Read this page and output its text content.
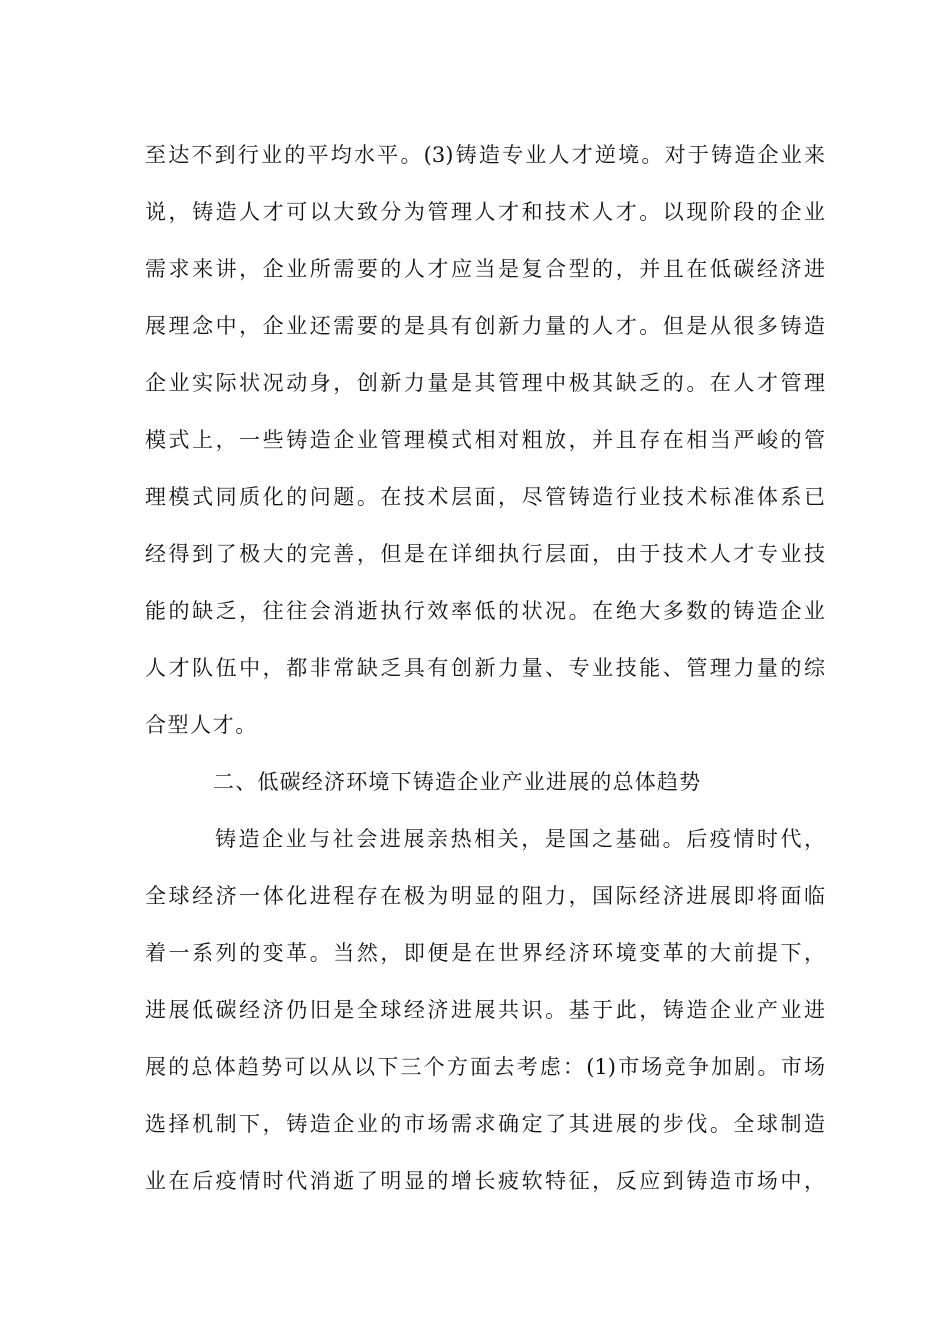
至达不到行业的平均水平。(3)铸造专业人才逆境。对于铸造企业来
说，铸造人才可以大致分为管理人才和技术人才。以现阶段的企业
需求来讲，企业所需要的人才应当是复合型的，并且在低碳经济进
展理念中，企业还需要的是具有创新力量的人才。但是从很多铸造
企业实际状况动身，创新力量是其管理中极其缺乏的。在人才管理
模式上，一些铸造企业管理模式相对粗放，并且存在相当严峻的管
理模式同质化的问题。在技术层面，尽管铸造行业技术标准体系已
经得到了极大的完善，但是在详细执行层面，由于技术人才专业技
能的缺乏，往往会消逝执行效率低的状况。在绝大多数的铸造企业
人才队伍中，都非常缺乏具有创新力量、专业技能、管理力量的综
合型人才。
二、低碳经济环境下铸造企业产业进展的总体趋势
铸造企业与社会进展亲热相关，是国之基础。后疫情时代，
全球经济一体化进程存在极为明显的阻力，国际经济进展即将面临
着一系列的变革。当然，即便是在世界经济环境变革的大前提下，
进展低碳经济仍旧是全球经济进展共识。基于此，铸造企业产业进
展的总体趋势可以从以下三个方面去考虑：(1)市场竞争加剧。市场
选择机制下，铸造企业的市场需求确定了其进展的步伐。全球制造
业在后疫情时代消逝了明显的增长疲软特征，反应到铸造市场中，
